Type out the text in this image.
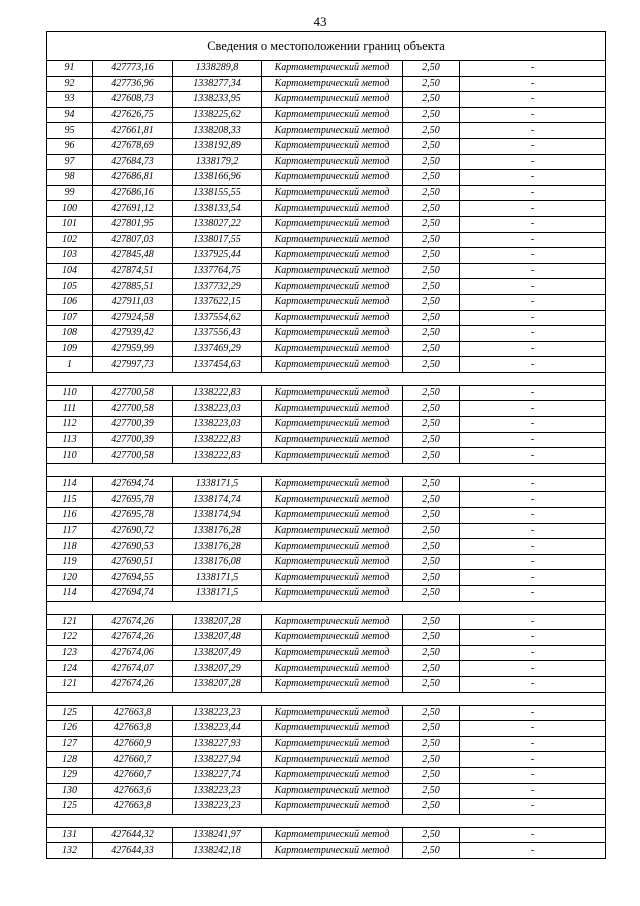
43
Сведения о местоположении границ объекта					
91	427773,16	1338289,8	Картометрический метод	2,50	-
92	427736,96	1338277,34	Картометрический метод	2,50	-
93	427608,73	1338233,95	Картометрический метод	2,50	-
94	427626,75	1338225,62	Картометрический метод	2,50	-
95	427661,81	1338208,33	Картометрический метод	2,50	-
96	427678,69	1338192,89	Картометрический метод	2,50	-
97	427684,73	1338179,2	Картометрический метод	2,50	-
98	427686,81	1338166,96	Картометрический метод	2,50	-
99	427686,16	1338155,55	Картометрический метод	2,50	-
100	427691,12	1338133,54	Картометрический метод	2,50	-
101	427801,95	1338027,22	Картометрический метод	2,50	-
102	427807,03	1338017,55	Картометрический метод	2,50	-
103	427845,48	1337925,44	Картометрический метод	2,50	-
104	427874,51	1337764,75	Картометрический метод	2,50	-
105	427885,51	1337732,29	Картометрический метод	2,50	-
106	427911,03	1337622,15	Картометрический метод	2,50	-
107	427924,58	1337554,62	Картометрический метод	2,50	-
108	427939,42	1337556,43	Картометрический метод	2,50	-
109	427959,99	1337469,29	Картометрический метод	2,50	-
1	427997,73	1337454,63	Картометрический метод	2,50	-

110	427700,58	1338222,83	Картометрический метод	2,50	-
111	427700,58	1338223,03	Картометрический метод	2,50	-
112	427700,39	1338223,03	Картометрический метод	2,50	-
113	427700,39	1338222,83	Картометрический метод	2,50	-
110	427700,58	1338222,83	Картометрический метод	2,50	-

114	427694,74	1338171,5	Картометрический метод	2,50	-
115	427695,78	1338174,74	Картометрический метод	2,50	-
116	427695,78	1338174,94	Картометрический метод	2,50	-
117	427690,72	1338176,28	Картометрический метод	2,50	-
118	427690,53	1338176,28	Картометрический метод	2,50	-
119	427690,51	1338176,08	Картометрический метод	2,50	-
120	427694,55	1338171,5	Картометрический метод	2,50	-
114	427694,74	1338171,5	Картометрический метод	2,50	-

121	427674,26	1338207,28	Картометрический метод	2,50	-
122	427674,26	1338207,48	Картометрический метод	2,50	-
123	427674,06	1338207,49	Картометрический метод	2,50	-
124	427674,07	1338207,29	Картометрический метод	2,50	-
121	427674,26	1338207,28	Картометрический метод	2,50	-

125	427663,8	1338223,23	Картометрический метод	2,50	-
126	427663,8	1338223,44	Картометрический метод	2,50	-
127	427660,9	1338227,93	Картометрический метод	2,50	-
128	427660,7	1338227,94	Картометрический метод	2,50	-
129	427660,7	1338227,74	Картометрический метод	2,50	-
130	427663,6	1338223,23	Картометрический метод	2,50	-
125	427663,8	1338223,23	Картометрический метод	2,50	-

131	427644,32	1338241,97	Картометрический метод	2,50	-
132	427644,33	1338242,18	Картометрический метод	2,50	-
